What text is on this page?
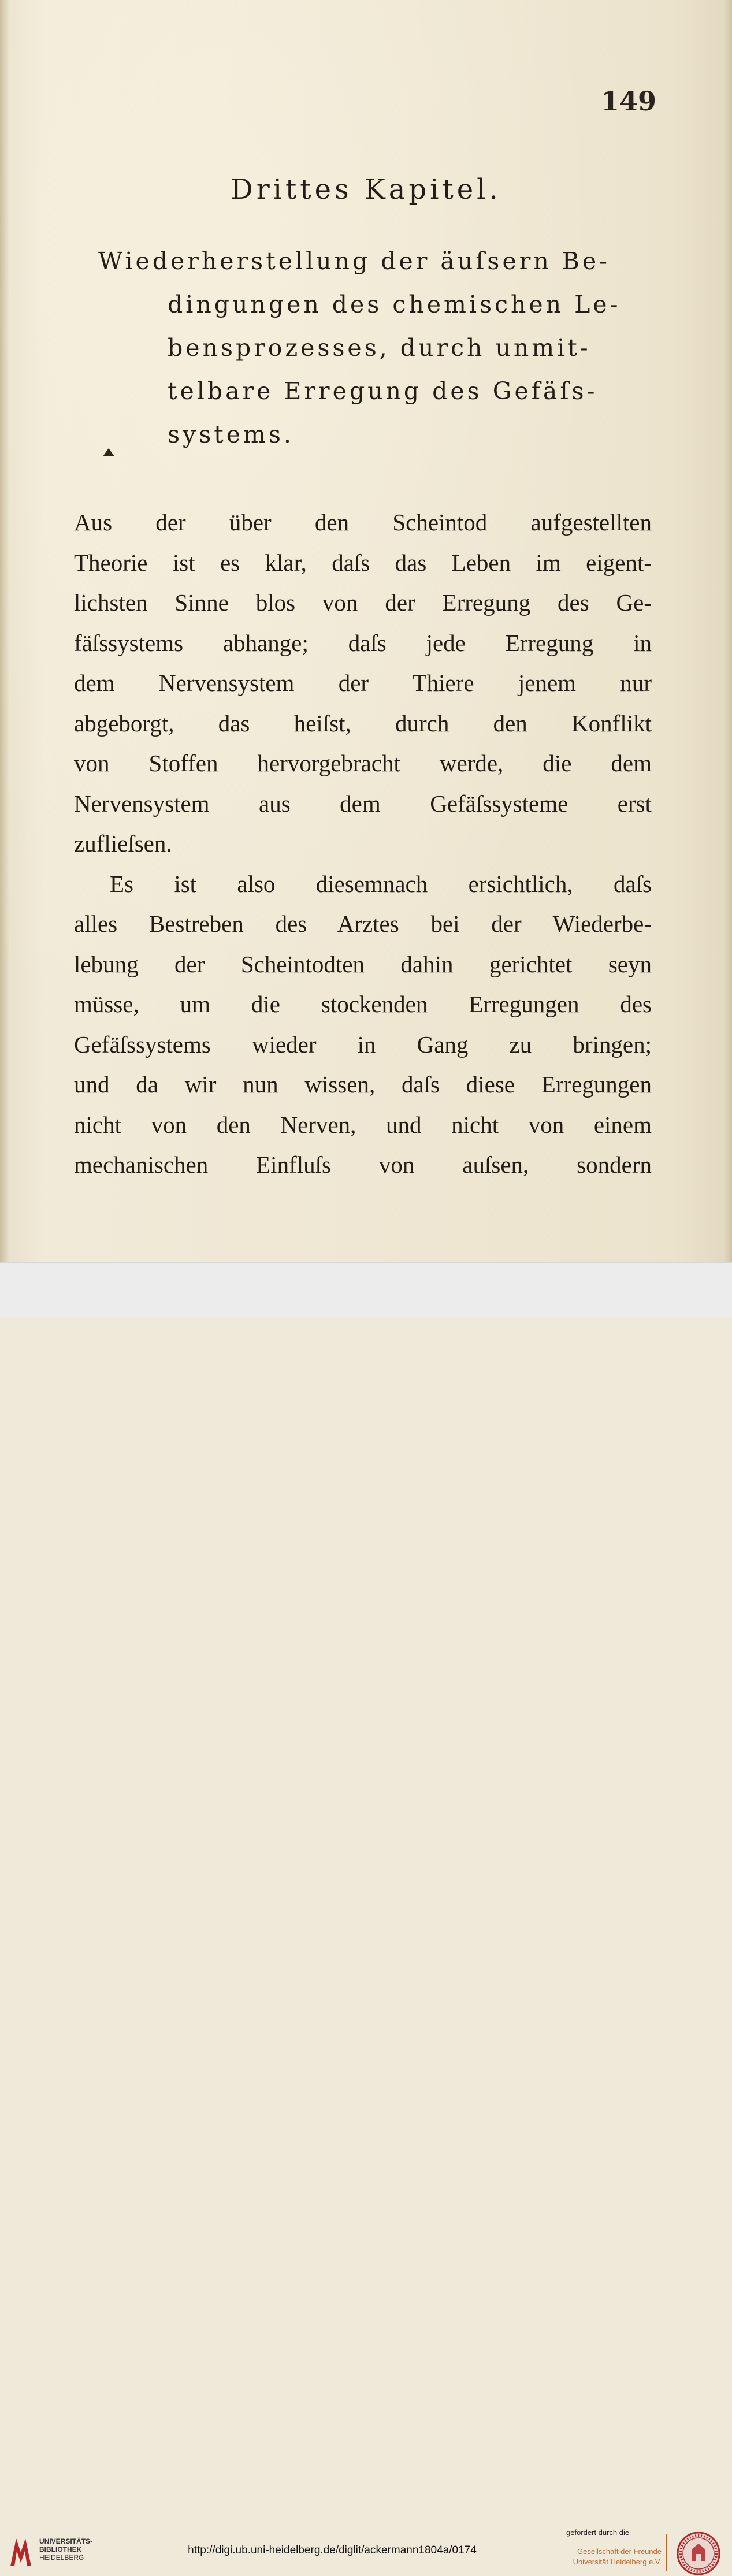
149
Drittes Kapitel.
Wiederherstellung der äuſsern Be-
dingungen des chemischen Le-
bensprozesses, durch unmit-
telbare Erregung des Gefäſs-
systems.
Aus der über den Scheintod aufgestellten
Theorie ist es klar, daſs das Leben im eigent-
lichsten Sinne blos von der Erregung des Ge-
fäſssystems abhange; daſs jede Erregung in
dem Nervensystem der Thiere jenem nur
abgeborgt, das heiſst, durch den Konflikt
von Stoffen hervorgebracht werde, die dem
Nervensystem aus dem Gefäſssysteme erst
zuflieſsen.
Es ist also diesemnach ersichtlich, daſs
alles Bestreben des Arztes bei der Wiederbe-
lebung der Scheintodten dahin gerichtet seyn
müsse, um die stockenden Erregungen des
Gefäſssystems wieder in Gang zu bringen;
und da wir nun wissen, daſs diese Erregungen
nicht von den Nerven, und nicht von einem
mechanischen Einfluſs von auſsen, sondern
UNIVERSITÄTS-
BIBLIOTHEK
HEIDELBERG
http://digi.ub.uni-heidelberg.de/diglit/ackermann1804a/0174
gefördert durch die
Gesellschaft der Freunde
Universität Heidelberg e.V.
